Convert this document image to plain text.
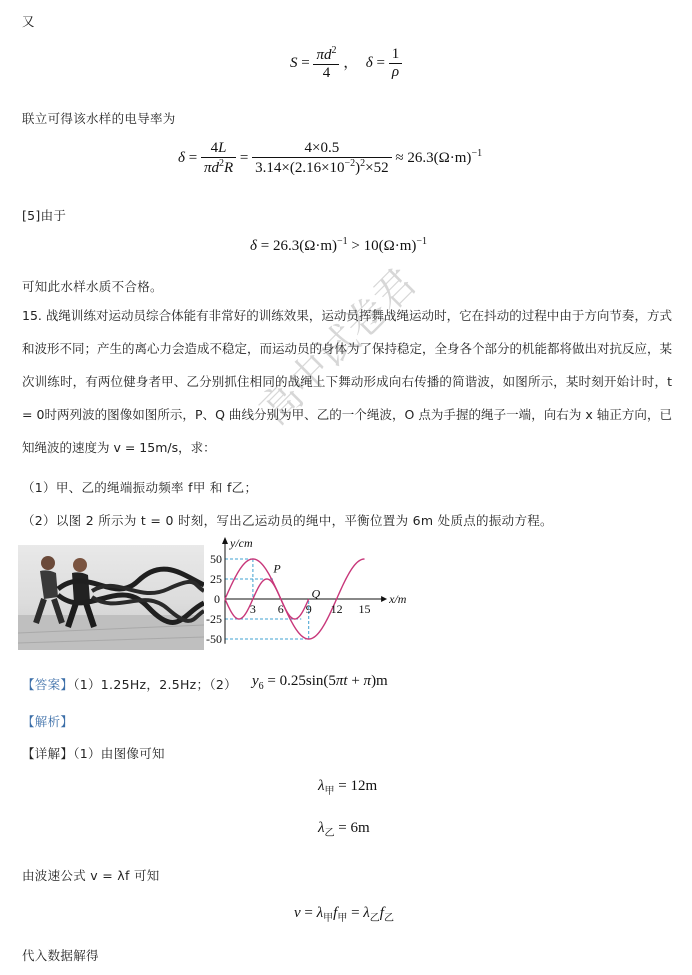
又
$S = \frac{\pi d^2}{4}$ ，  $\delta = \frac{1}{\rho}$
联立可得该水样的电导率为
$\delta = \frac{4L}{\pi d^2R} = \frac{4\times 0.5}{3.14\times(2.16\times 10^{-2})^2\times 52} \approx 26.3(\Omega\cdot m)^{-1}$
[5]由于
$\delta = 26.3(\Omega\cdot m)^{-1} > 10(\Omega\cdot m)^{-1}$
可知此水样水质不合格。
15. 战绳训练对运动员综合体能有非常好的训练效果，运动员挥舞战绳运动时，它在抖动的过程中由于方向节奏，方式和波形不同；产生的离心力会造成不稳定，而运动员的身体为了保持稳定，全身各个部分的机能都将做出对抗反应，某次训练时，有两位健身者甲、乙分别抓住相同的战绳上下舞动形成向右传播的简谐波，如图所示，某时刻开始计时，t = 0时两列波的图像如图所示，P、Q 曲线分别为甲、乙的一个绳波，O 点为手握的绳子一端，向右为 x 轴正方向，已知绳波的速度为 v = 15m/s，求：
（1）甲、乙的绳端振动频率 f甲 和 f乙；
（2）以图 2 所示为 t = 0 时刻，写出乙运动员的绳中，平衡位置为 6m 处质点的振动方程。
50
25
-25
-50
0
3 6 9 12 15
y/cm
x/m
P
Q
【答案】（1）1.25Hz，2.5Hz；（2） $y_6 = 0.25\sin(5\pi t + \pi)m$
【解析】
【详解】（1）由图像可知
$\lambda_甲 = 12m$
$\lambda_乙 = 6m$
由波速公式 v = λf 可知
$v = \lambda_甲f_甲 = \lambda_乙f_乙$
代入数据解得
高中试卷君
